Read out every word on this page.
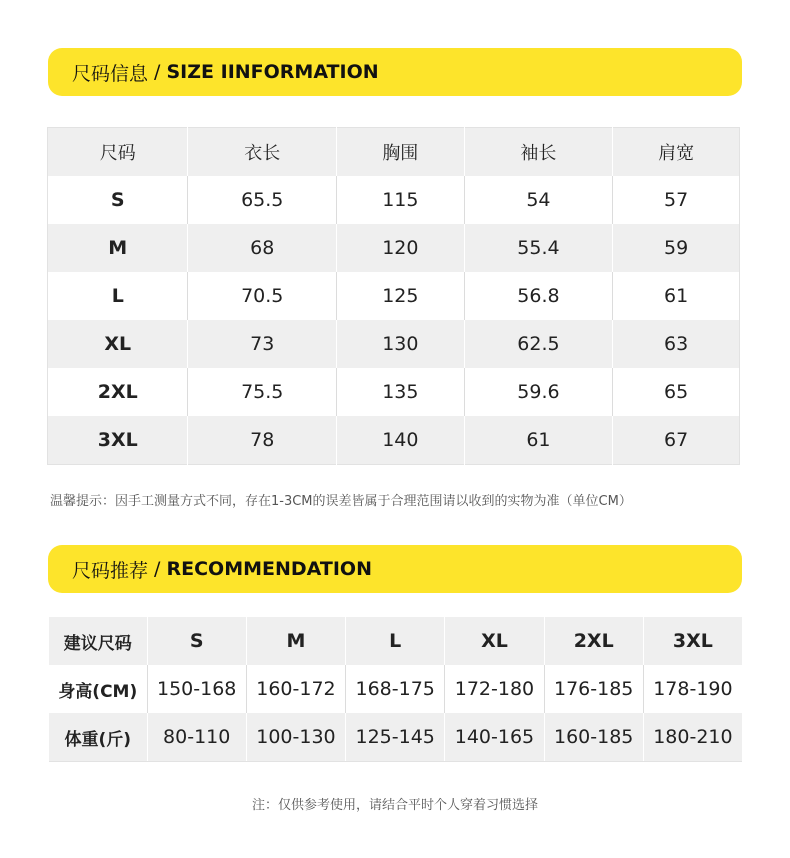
尺码信息 / SIZE IINFORMATION
尺码	衣长	胸围	袖长	肩宽
S	65.5	115	54	57
M	68	120	55.4	59
L	70.5	125	56.8	61
XL	73	130	62.5	63
2XL	75.5	135	59.6	65
3XL	78	140	61	67
温馨提示：因手工测量方式不同，存在1-3CM的误差皆属于合理范围请以收到的实物为准（单位CM）
尺码推荐 / RECOMMENDATION
建议尺码	S	M	L	XL	2XL	3XL
身高(CM)	150-168	160-172	168-175	172-180	176-185	178-190
体重(斤)	80-110	100-130	125-145	140-165	160-185	180-210
注：仅供参考使用，请结合平时个人穿着习惯选择
